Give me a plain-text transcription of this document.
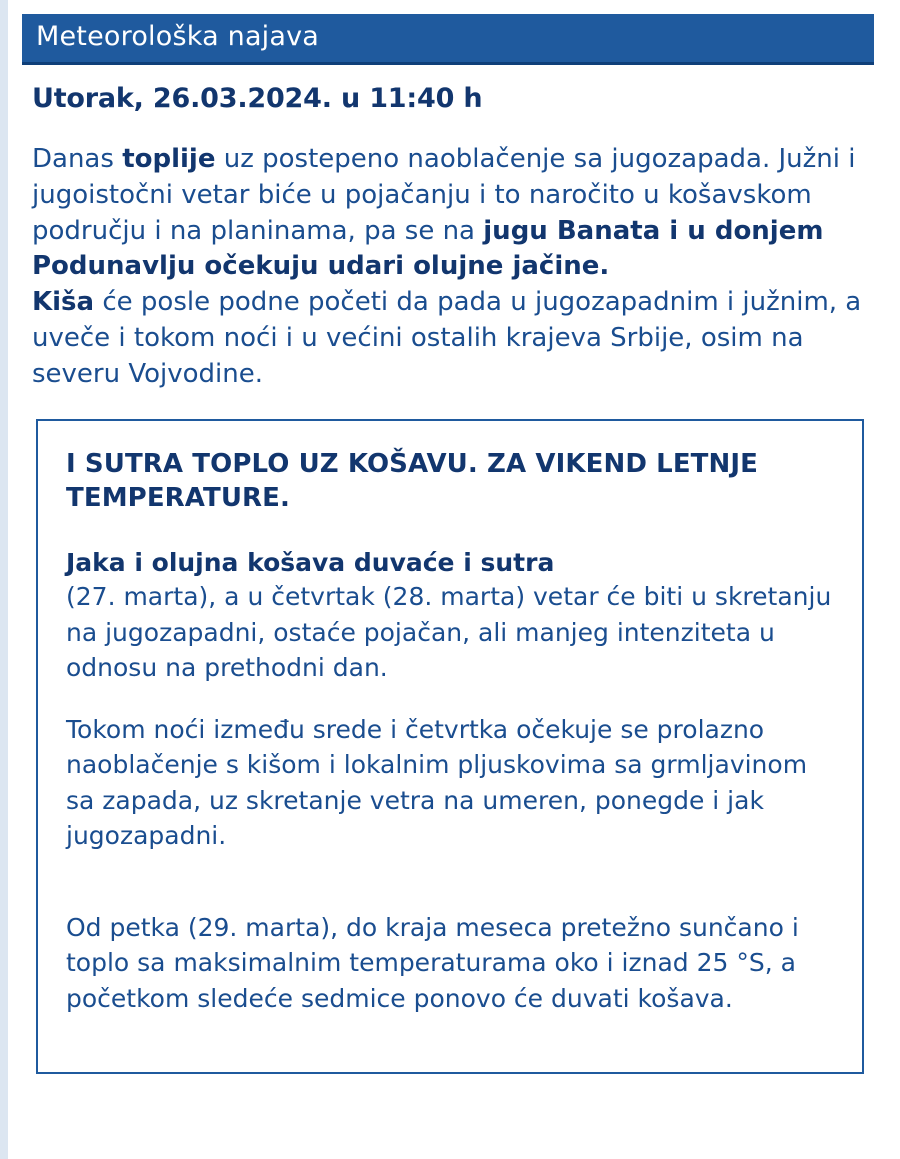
Meteorološka najava
Utorak, 26.03.2024. u 11:40 h
Danas toplije uz postepeno naoblačenje sa jugozapada. Južni i jugoistočni vetar biće u pojačanju i to naročito u košavskom području i na planinama, pa se na jugu Banata i u donjem Podunavlju očekuju udari olujne jačine.
Kiša će posle podne početi da pada u jugozapadnim i južnim, a uveče i tokom noći i u većini ostalih krajeva Srbije, osim na severu Vojvodine.
I SUTRA TOPLO UZ KOŠAVU. ZA VIKEND LETNJE TEMPERATURE.
Jaka i olujna košava duvaće i sutra
(27. marta), a u četvrtak (28. marta) vetar će biti u skretanju na jugozapadni, ostaće pojačan, ali manjeg intenziteta u odnosu na prethodni dan.
Tokom noći između srede i četvrtka očekuje se prolazno naoblačenje s kišom i lokalnim pljuskovima sa grmljavinom sa zapada, uz skretanje vetra na umeren, ponegde i jak jugozapadni.
Od petka (29. marta), do kraja meseca pretežno sunčano i toplo sa maksimalnim temperaturama oko i iznad 25 °S, a početkom sledeće sedmice ponovo će duvati košava.
